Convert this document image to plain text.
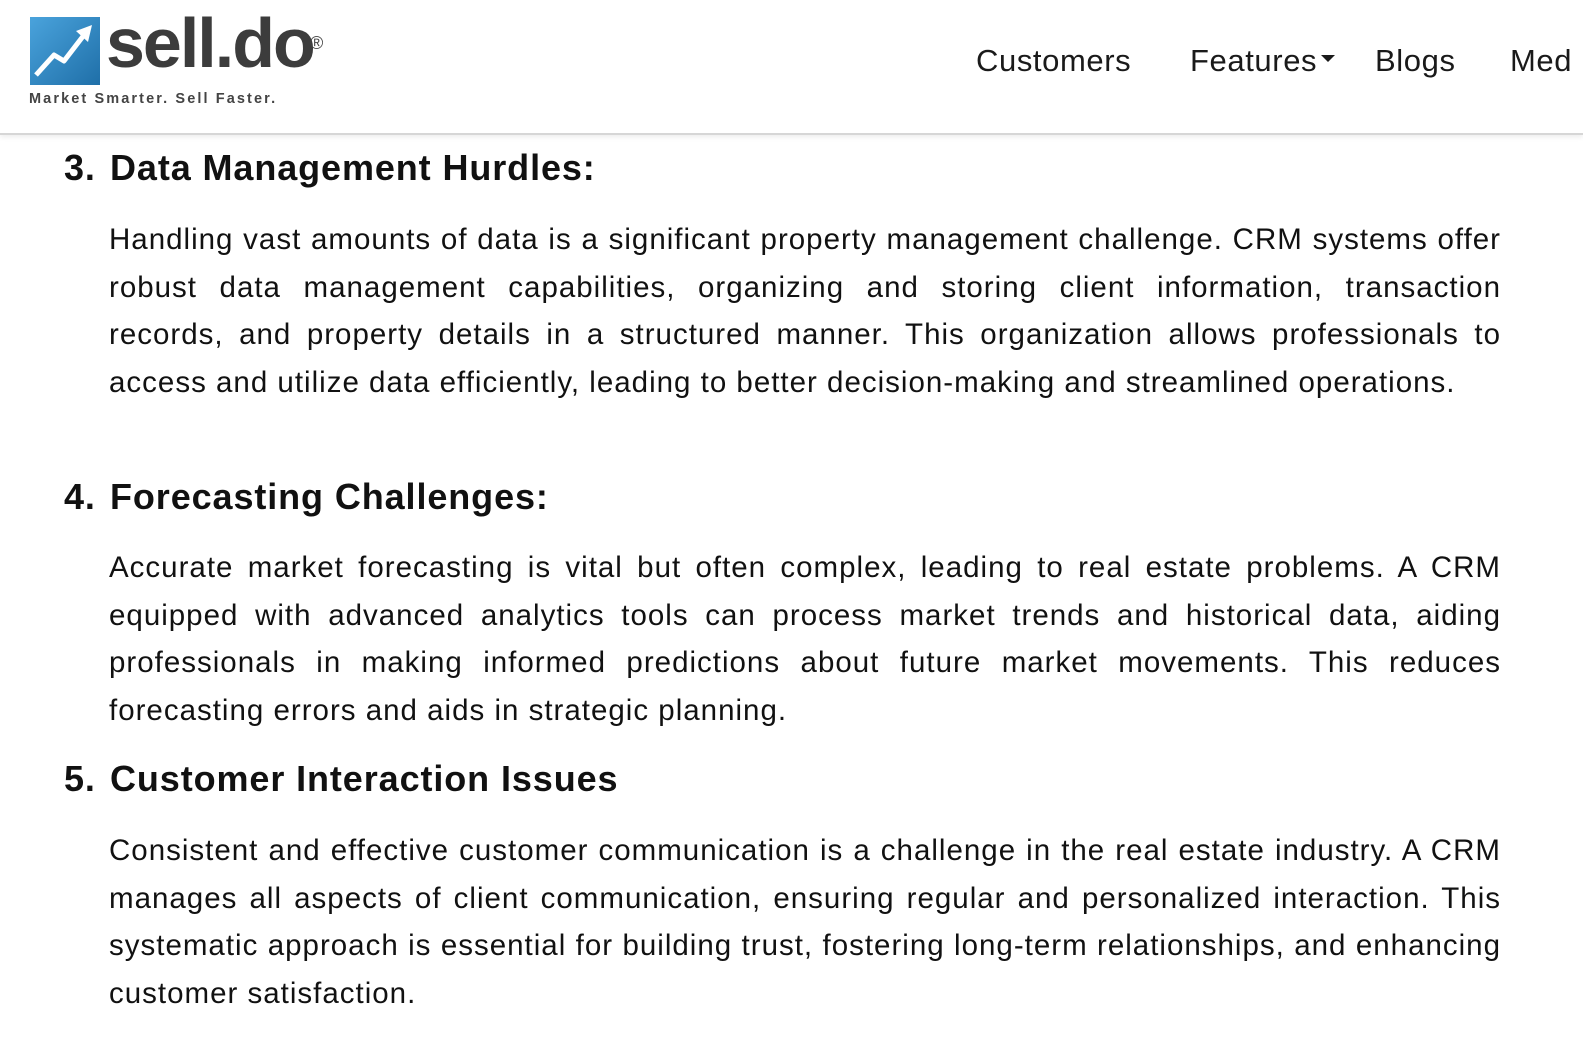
sell.do
®
Market Smarter. Sell Faster.
Customers Features	Blogs Med
3. Data Management Hurdles:

Handling vast amounts of data is a significant property management challenge. CRM systems offer robust data management capabilities, organizing and storing client information, transaction records, and property details in a structured manner. This organization allows professionals to access and utilize data efficiently, leading to better decision-making and streamlined operations.

4. Forecasting Challenges:

Accurate market forecasting is vital but often complex, leading to real estate problems. A CRM equipped with advanced analytics tools can process market trends and historical data, aiding professionals in making informed predictions about future market movements. This reduces forecasting errors and aids in strategic planning.

5. Customer Interaction Issues

Consistent and effective customer communication is a challenge in the real estate industry. A CRM manages all aspects of client communication, ensuring regular and personalized interaction. This systematic approach is essential for building trust, fostering long-term relationships, and enhancing customer satisfaction.
